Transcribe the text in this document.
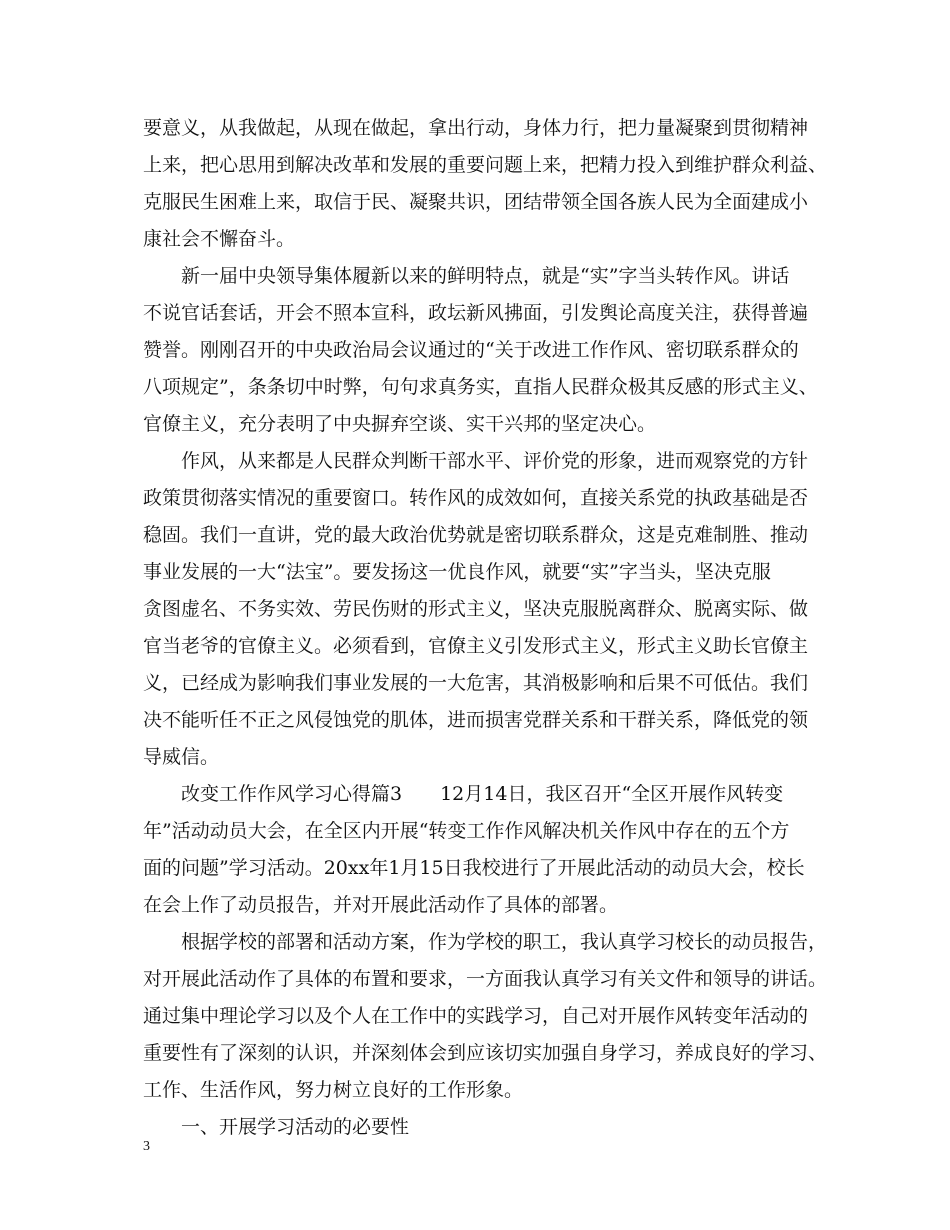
要意义，从我做起，从现在做起，拿出行动，身体力行，把力量凝聚到贯彻精神
上来，把心思用到解决改革和发展的重要问题上来，把精力投入到维护群众利益、
克服民生困难上来，取信于民、凝聚共识，团结带领全国各族人民为全面建成小
康社会不懈奋斗。
新一届中央领导集体履新以来的鲜明特点，就是“实”字当头转作风。讲话
不说官话套话，开会不照本宣科，政坛新风拂面，引发舆论高度关注，获得普遍
赞誉。刚刚召开的中央政治局会议通过的“关于改进工作作风、密切联系群众的
八项规定”，条条切中时弊，句句求真务实，直指人民群众极其反感的形式主义、
官僚主义，充分表明了中央摒弃空谈、实干兴邦的坚定决心。
作风，从来都是人民群众判断干部水平、评价党的形象，进而观察党的方针
政策贯彻落实情况的重要窗口。转作风的成效如何，直接关系党的执政基础是否
稳固。我们一直讲，党的最大政治优势就是密切联系群众，这是克难制胜、推动
事业发展的一大“法宝”。要发扬这一优良作风，就要“实”字当头，坚决克服
贪图虚名、不务实效、劳民伤财的形式主义，坚决克服脱离群众、脱离实际、做
官当老爷的官僚主义。必须看到，官僚主义引发形式主义，形式主义助长官僚主
义，已经成为影响我们事业发展的一大危害，其消极影响和后果不可低估。我们
决不能听任不正之风侵蚀党的肌体，进而损害党群关系和干群关系，降低党的领
导威信。
改变工作作风学习心得篇3　　12月14日，我区召开“全区开展作风转变
年”活动动员大会，在全区内开展“转变工作作风解决机关作风中存在的五个方
面的问题”学习活动。20xx年1月15日我校进行了开展此活动的动员大会，校长
在会上作了动员报告，并对开展此活动作了具体的部署。
根据学校的部署和活动方案，作为学校的职工，我认真学习校长的动员报告，
对开展此活动作了具体的布置和要求，一方面我认真学习有关文件和领导的讲话。
通过集中理论学习以及个人在工作中的实践学习，自己对开展作风转变年活动的
重要性有了深刻的认识，并深刻体会到应该切实加强自身学习，养成良好的学习、
工作、生活作风，努力树立良好的工作形象。
一、开展学习活动的必要性
3
